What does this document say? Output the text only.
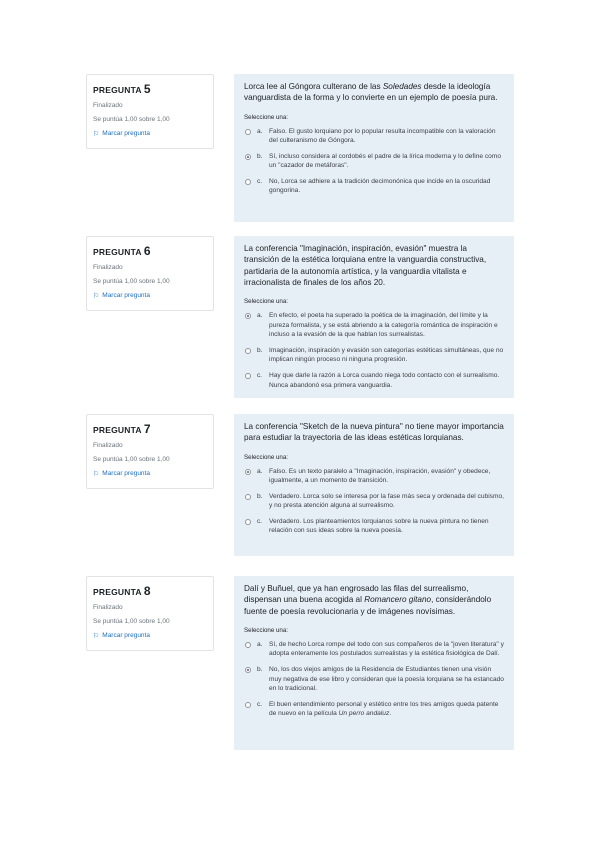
PREGUNTA 5
Finalizado
Se puntúa 1,00 sobre 1,00
⚐ Marcar pregunta
Lorca lee al Góngora culterano de las Soledades desde la ideología vanguardista de la forma y lo convierte en un ejemplo de poesía pura.
Seleccione una:
a. Falso. El gusto lorquiano por lo popular resulta incompatible con la valoración del culteranismo de Góngora.
b. Sí, incluso considera al cordobés el padre de la lírica moderna y lo define como un "cazador de metáforas".
c.	No, Lorca se adhiere a la tradición decimonónica que incide en la oscuridad gongorina.
PREGUNTA 6
Finalizado
Se puntúa 1,00 sobre 1,00
⚐ Marcar pregunta
La conferencia "Imaginación, inspiración, evasión" muestra la transición de la estética lorquiana entre la vanguardia constructiva, partidaria de la autonomía artística, y la vanguardia vitalista e irracionalista de finales de los años 20.
Seleccione una:
a. En efecto, el poeta ha superado la poética de la imaginación, del límite y la pureza formalista, y se está abriendo a la categoría romántica de inspiración e incluso a la evasión de la que hablan los surrealistas.
b. Imaginación, inspiración y evasión son categorías estéticas simultáneas, que no implican ningún proceso ni ninguna progresión.
c.	Hay que darle la razón a Lorca cuando niega todo contacto con el surrealismo. Nunca abandonó esa primera vanguardia.
PREGUNTA 7
Finalizado
Se puntúa 1,00 sobre 1,00
⚐ Marcar pregunta
La conferencia "Sketch de la nueva pintura" no tiene mayor importancia para estudiar la trayectoria de las ideas estéticas lorquianas.
Seleccione una:
a. Falso. Es un texto paralelo a "Imaginación, inspiración, evasión" y obedece, igualmente, a un momento de transición.
b. Verdadero. Lorca solo se interesa por la fase más seca y ordenada del cubismo, y no presta atención alguna al surrealismo.
c.	Verdadero. Los planteamientos lorquianos sobre la nueva pintura no tienen relación con sus ideas sobre la nueva poesía.
PREGUNTA 8
Finalizado
Se puntúa 1,00 sobre 1,00
⚐ Marcar pregunta
Dalí y Buñuel, que ya han engrosado las filas del surrealismo, dispensan una buena acogida al Romancero gitano, considerándolo fuente de poesía revolucionaria y de imágenes novísimas.
Seleccione una:
a. Sí, de hecho Lorca rompe del todo con sus compañeros de la "joven literatura" y adopta enteramente los postulados surrealistas y la estética fisiológica de Dalí.
b. No, los dos viejos amigos de la Residencia de Estudiantes tienen una visión muy negativa de ese libro y consideran que la poesía lorquiana se ha estancado en lo tradicional.
c.	El buen entendimiento personal y estético entre los tres amigos queda patente de nuevo en la película Un perro andaluz.
